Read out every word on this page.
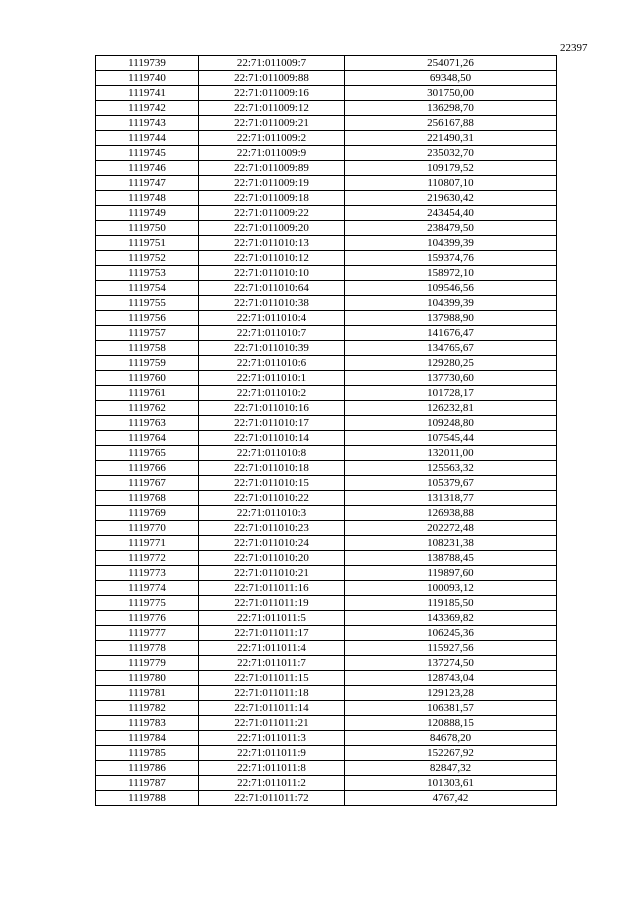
22397
1119739	22:71:011009:7	254071,26
1119740	22:71:011009:88	69348,50
1119741	22:71:011009:16	301750,00
1119742	22:71:011009:12	136298,70
1119743	22:71:011009:21	256167,88
1119744	22:71:011009:2	221490,31
1119745	22:71:011009:9	235032,70
1119746	22:71:011009:89	109179,52
1119747	22:71:011009:19	110807,10
1119748	22:71:011009:18	219630,42
1119749	22:71:011009:22	243454,40
1119750	22:71:011009:20	238479,50
1119751	22:71:011010:13	104399,39
1119752	22:71:011010:12	159374,76
1119753	22:71:011010:10	158972,10
1119754	22:71:011010:64	109546,56
1119755	22:71:011010:38	104399,39
1119756	22:71:011010:4	137988,90
1119757	22:71:011010:7	141676,47
1119758	22:71:011010:39	134765,67
1119759	22:71:011010:6	129280,25
1119760	22:71:011010:1	137730,60
1119761	22:71:011010:2	101728,17
1119762	22:71:011010:16	126232,81
1119763	22:71:011010:17	109248,80
1119764	22:71:011010:14	107545,44
1119765	22:71:011010:8	132011,00
1119766	22:71:011010:18	125563,32
1119767	22:71:011010:15	105379,67
1119768	22:71:011010:22	131318,77
1119769	22:71:011010:3	126938,88
1119770	22:71:011010:23	202272,48
1119771	22:71:011010:24	108231,38
1119772	22:71:011010:20	138788,45
1119773	22:71:011010:21	119897,60
1119774	22:71:011011:16	100093,12
1119775	22:71:011011:19	119185,50
1119776	22:71:011011:5	143369,82
1119777	22:71:011011:17	106245,36
1119778	22:71:011011:4	115927,56
1119779	22:71:011011:7	137274,50
1119780	22:71:011011:15	128743,04
1119781	22:71:011011:18	129123,28
1119782	22:71:011011:14	106381,57
1119783	22:71:011011:21	120888,15
1119784	22:71:011011:3	84678,20
1119785	22:71:011011:9	152267,92
1119786	22:71:011011:8	82847,32
1119787	22:71:011011:2	101303,61
1119788	22:71:011011:72	4767,42
